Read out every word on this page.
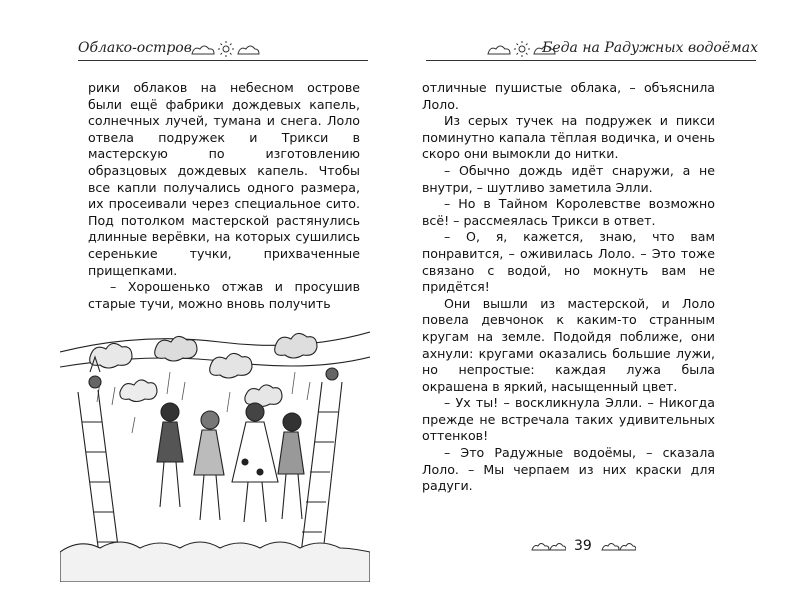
Облако-остров

рики облаков на небесном острове были ещё фабрики дождевых капель, солнечных лучей, тумана и снега. Лоло отвела подружек и Трикси в мастерскую по изготовлению образцовых дождевых капель. Чтобы все капли получались одного размера, их просеивали через специальное сито. Под потолком мастерской растянулись длинные верёвки, на которых сушились серенькие тучки, прихваченные прищепками.

– Хорошенько отжав и просушив старые тучи, можно вновь получить

Беда на Радужных водоёмах

отличные пушистые облака, – объяснила Лоло.

Из серых тучек на подружек и пикси поминутно капала тёплая водичка, и очень скоро они вымокли до нитки.

– Обычно дождь идёт снаружи, а не внутри, – шутливо заметила Элли.

– Но в Тайном Королевстве возможно всё! – рассмеялась Трикси в ответ.

– О, я, кажется, знаю, что вам понравится, – оживилась Лоло. – Это тоже связано с водой, но мокнуть вам не придётся!

Они вышли из мастерской, и Лоло повела девчонок к каким-то странным кругам на земле. Подойдя поближе, они ахнули: кругами оказались большие лужи, но непростые: каждая лужа была окрашена в яркий, насыщенный цвет.

– Ух ты! – воскликнула Элли. – Никогда прежде не встречала таких удивительных оттенков!

– Это Радужные водоёмы, – сказала Лоло. – Мы черпаем из них краски для радуги.

39
